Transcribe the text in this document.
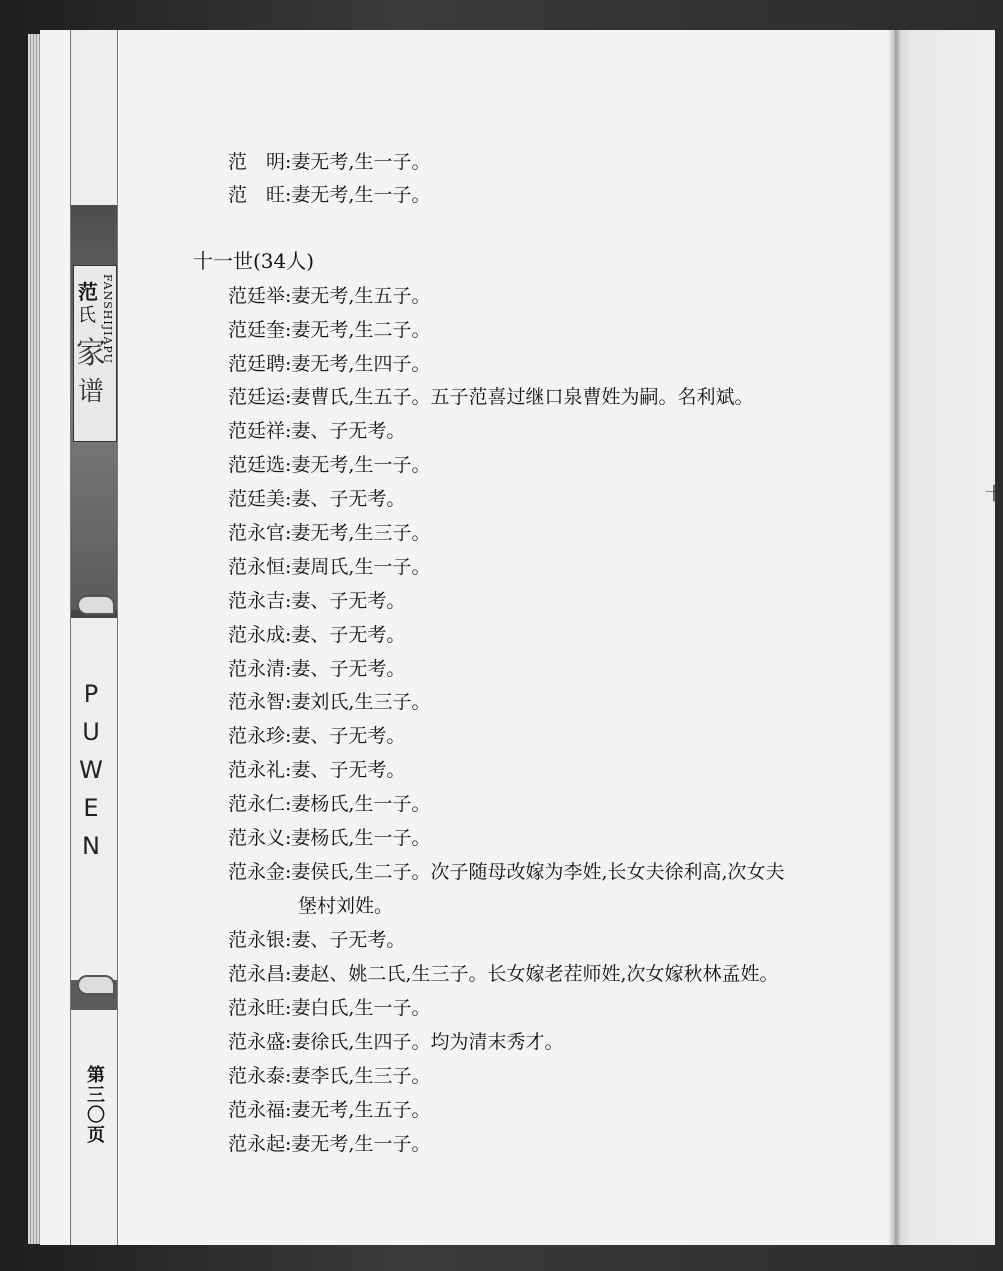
十
范
氏
家
谱
FANSHIJIAPU
PUWEN
第三〇页
范　明:妻无考,生一子。
范　旺:妻无考,生一子。
十一世(34人)
范廷举:妻无考,生五子。
范廷奎:妻无考,生二子。
范廷聘:妻无考,生四子。
范廷运:妻曹氏,生五子。五子范喜过继口泉曹姓为嗣。名利斌。
范廷祥:妻、子无考。
范廷选:妻无考,生一子。
范廷美:妻、子无考。
范永官:妻无考,生三子。
范永恒:妻周氏,生一子。
范永吉:妻、子无考。
范永成:妻、子无考。
范永清:妻、子无考。
范永智:妻刘氏,生三子。
范永珍:妻、子无考。
范永礼:妻、子无考。
范永仁:妻杨氏,生一子。
范永义:妻杨氏,生一子。
范永金:妻侯氏,生二子。次子随母改嫁为李姓,长女夫徐利高,次女夫
堡村刘姓。
范永银:妻、子无考。
范永昌:妻赵、姚二氏,生三子。长女嫁老茬师姓,次女嫁秋林孟姓。
范永旺:妻白氏,生一子。
范永盛:妻徐氏,生四子。均为清末秀才。
范永泰:妻李氏,生三子。
范永福:妻无考,生五子。
范永起:妻无考,生一子。
